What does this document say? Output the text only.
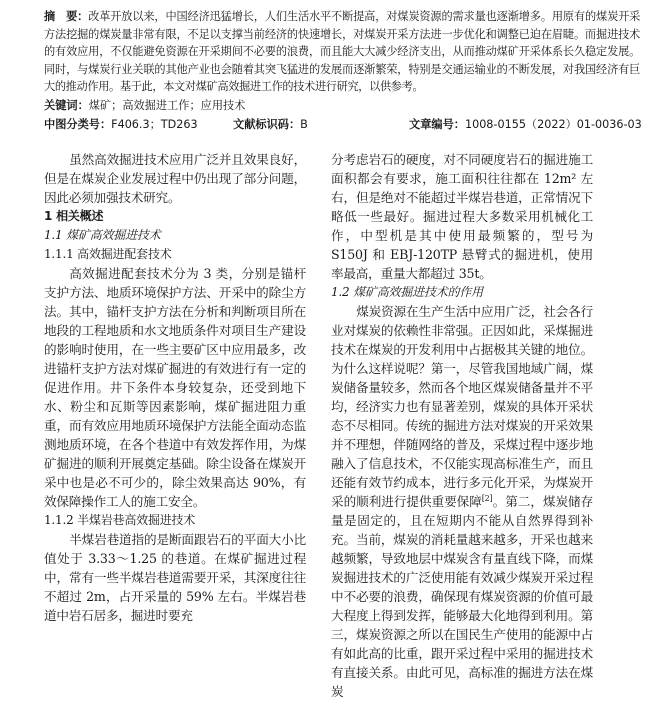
摘　要：改革开放以来，中国经济迅猛增长，人们生活水平不断提高，对煤炭资源的需求量也逐渐增多。用原有的煤炭开采方法挖掘的煤炭量非常有限，不足以支撑当前经济的快速增长，对煤炭开采方法进一步优化和调整已迫在眉睫。而掘进技术的有效应用，不仅能避免资源在开采期间不必要的浪费，而且能大大减少经济支出，从而推动煤矿开采体系长久稳定发展。同时，与煤炭行业关联的其他产业也会随着其突飞猛进的发展而逐渐繁荣，特别是交通运输业的不断发展，对我国经济有巨大的推动作用。基于此，本文对煤矿高效掘进工作的技术进行研究，以供参考。
关键词：煤矿；高效掘进工作；应用技术
中图分类号：F406.3；TD263	文献标识码：B	文章编号：1008-0155（2022）01-0036-03

虽然高效掘进技术应用广泛并且效果良好，但是在煤炭企业发展过程中仍出现了部分问题，因此必须加强技术研究。

1 相关概述

1.1 煤矿高效掘进技术

1.1.1 高效掘进配套技术

高效掘进配套技术分为 3 类，分别是锚杆支护方法、地质环境保护方法、开采中的除尘方法。其中，锚杆支护方法在分析和判断项目所在地段的工程地质和水文地质条件对项目生产建设的影响时使用，在一些主要矿区中应用最多，改进锚杆支护方法对煤矿掘进的有效进行有一定的促进作用。井下条件本身较复杂，还受到地下水、粉尘和瓦斯等因素影响，煤矿掘进阻力重重，而有效应用地质环境保护方法能全面动态监测地质环境，在各个巷道中有效发挥作用，为煤矿掘进的顺利开展奠定基础。除尘设备在煤炭开采中也是必不可少的，除尘效果高达 90%，有效保障操作工人的施工安全。

1.1.2 半煤岩巷高效掘进技术

半煤岩巷道指的是断面跟岩石的平面大小比值处于 3.33～1.25 的巷道。在煤矿掘进过程中，常有一些半煤岩巷道需要开采，其深度往往不超过 2m，占开采量的 59% 左右。半煤岩巷道中岩石居多，掘进时要充

分考虑岩石的硬度，对不同硬度岩石的掘进施工面积都会有要求，施工面积往往都在 12m² 左右，但是绝对不能超过半煤岩巷道，正常情况下略低一些最好。掘进过程大多数采用机械化工作，中型机是其中使用最频繁的，型号为 S150J 和 EBJ-120TP 悬臂式的掘进机，使用率最高，重量大都超过 35t。

1.2 煤矿高效掘进技术的作用

煤炭资源在生产生活中应用广泛，社会各行业对煤炭的依赖性非常强。正因如此，采煤掘进技术在煤炭的开发利用中占据极其关键的地位。为什么这样说呢？第一，尽管我国地域广阔，煤炭储备量较多，然而各个地区煤炭储备量并不平均，经济实力也有显著差别，煤炭的具体开采状态不尽相同。传统的掘进方法对煤炭的开采效果并不理想，伴随网络的普及，采煤过程中逐步地融入了信息技术，不仅能实现高标准生产，而且还能有效节约成本，进行多元化开采，为煤炭开采的顺利进行提供重要保障[2]。第二，煤炭储存量是固定的，且在短期内不能从自然界得到补充。当前，煤炭的消耗量越来越多，开采也越来越频繁，导致地层中煤炭含有量直线下降，而煤炭掘进技术的广泛使用能有效减少煤炭开采过程中不必要的浪费，确保现有煤炭资源的价值可最大程度上得到发挥，能够最大化地得到利用。第三，煤炭资源之所以在国民生产使用的能源中占有如此高的比重，跟开采过程中采用的掘进技术有直接关系。由此可见，高标准的掘进方法在煤炭
